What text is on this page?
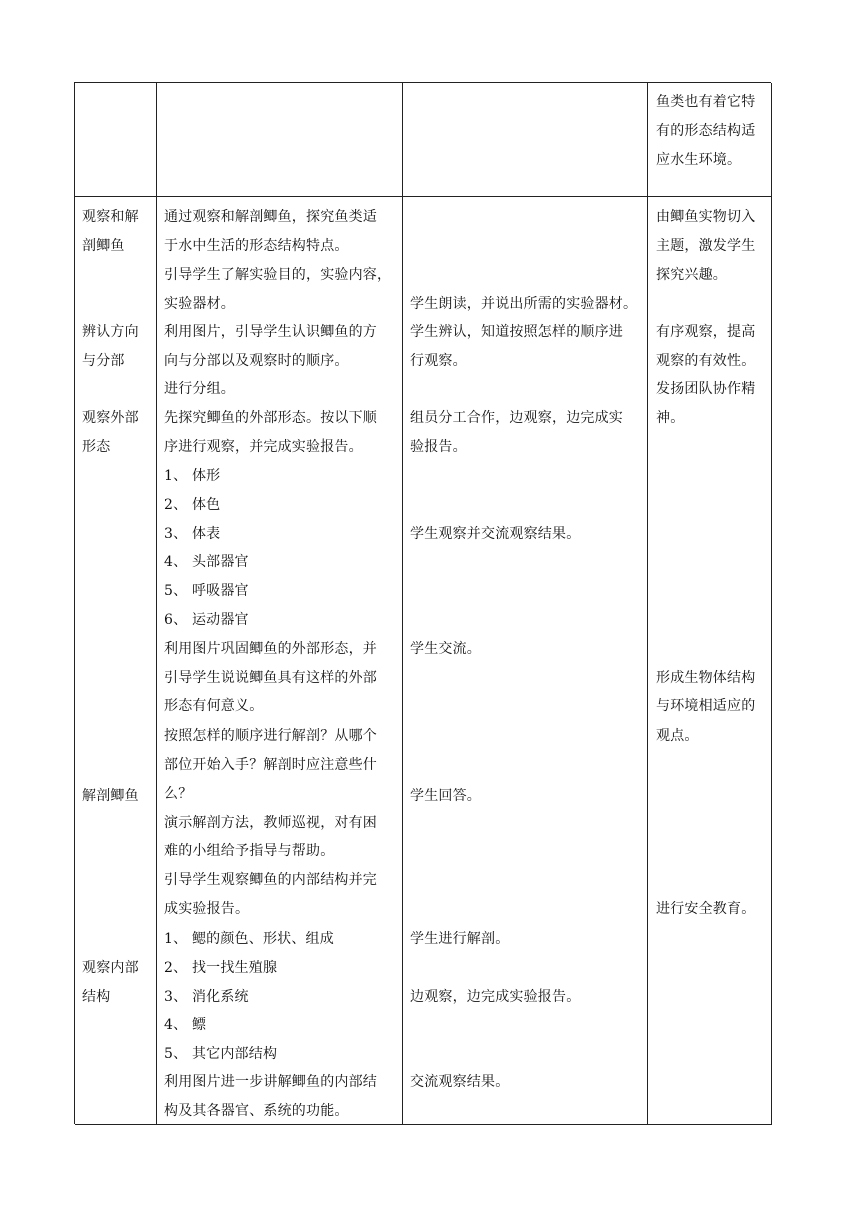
鱼类也有着它特
有的形态结构适
应水生环境。
观察和解
剖鲫鱼
辨认方向
与分部
观察外部
形态
解剖鲫鱼
观察内部
结构
通过观察和解剖鲫鱼，探究鱼类适
于水中生活的形态结构特点。
引导学生了解实验目的，实验内容，
实验器材。
利用图片，引导学生认识鲫鱼的方
向与分部以及观察时的顺序。
进行分组。
先探究鲫鱼的外部形态。按以下顺
序进行观察，并完成实验报告。
1、 体形
2、 体色
3、 体表
4、 头部器官
5、 呼吸器官
6、 运动器官
利用图片巩固鲫鱼的外部形态，并
引导学生说说鲫鱼具有这样的外部
形态有何意义。
按照怎样的顺序进行解剖？从哪个
部位开始入手？解剖时应注意些什
么？
演示解剖方法，教师巡视，对有困
难的小组给予指导与帮助。
引导学生观察鲫鱼的内部结构并完
成实验报告。
1、 鳃的颜色、形状、组成
2、 找一找生殖腺
3、 消化系统
4、 鳔
5、 其它内部结构
利用图片进一步讲解鲫鱼的内部结
构及其各器官、系统的功能。
学生朗读，并说出所需的实验器材。
学生辨认，知道按照怎样的顺序进
行观察。
组员分工合作，边观察，边完成实
验报告。
学生观察并交流观察结果。
学生交流。
学生回答。
学生进行解剖。
边观察，边完成实验报告。
交流观察结果。
由鲫鱼实物切入
主题，激发学生
探究兴趣。
有序观察，提高
观察的有效性。
发扬团队协作精
神。
形成生物体结构
与环境相适应的
观点。
进行安全教育。
